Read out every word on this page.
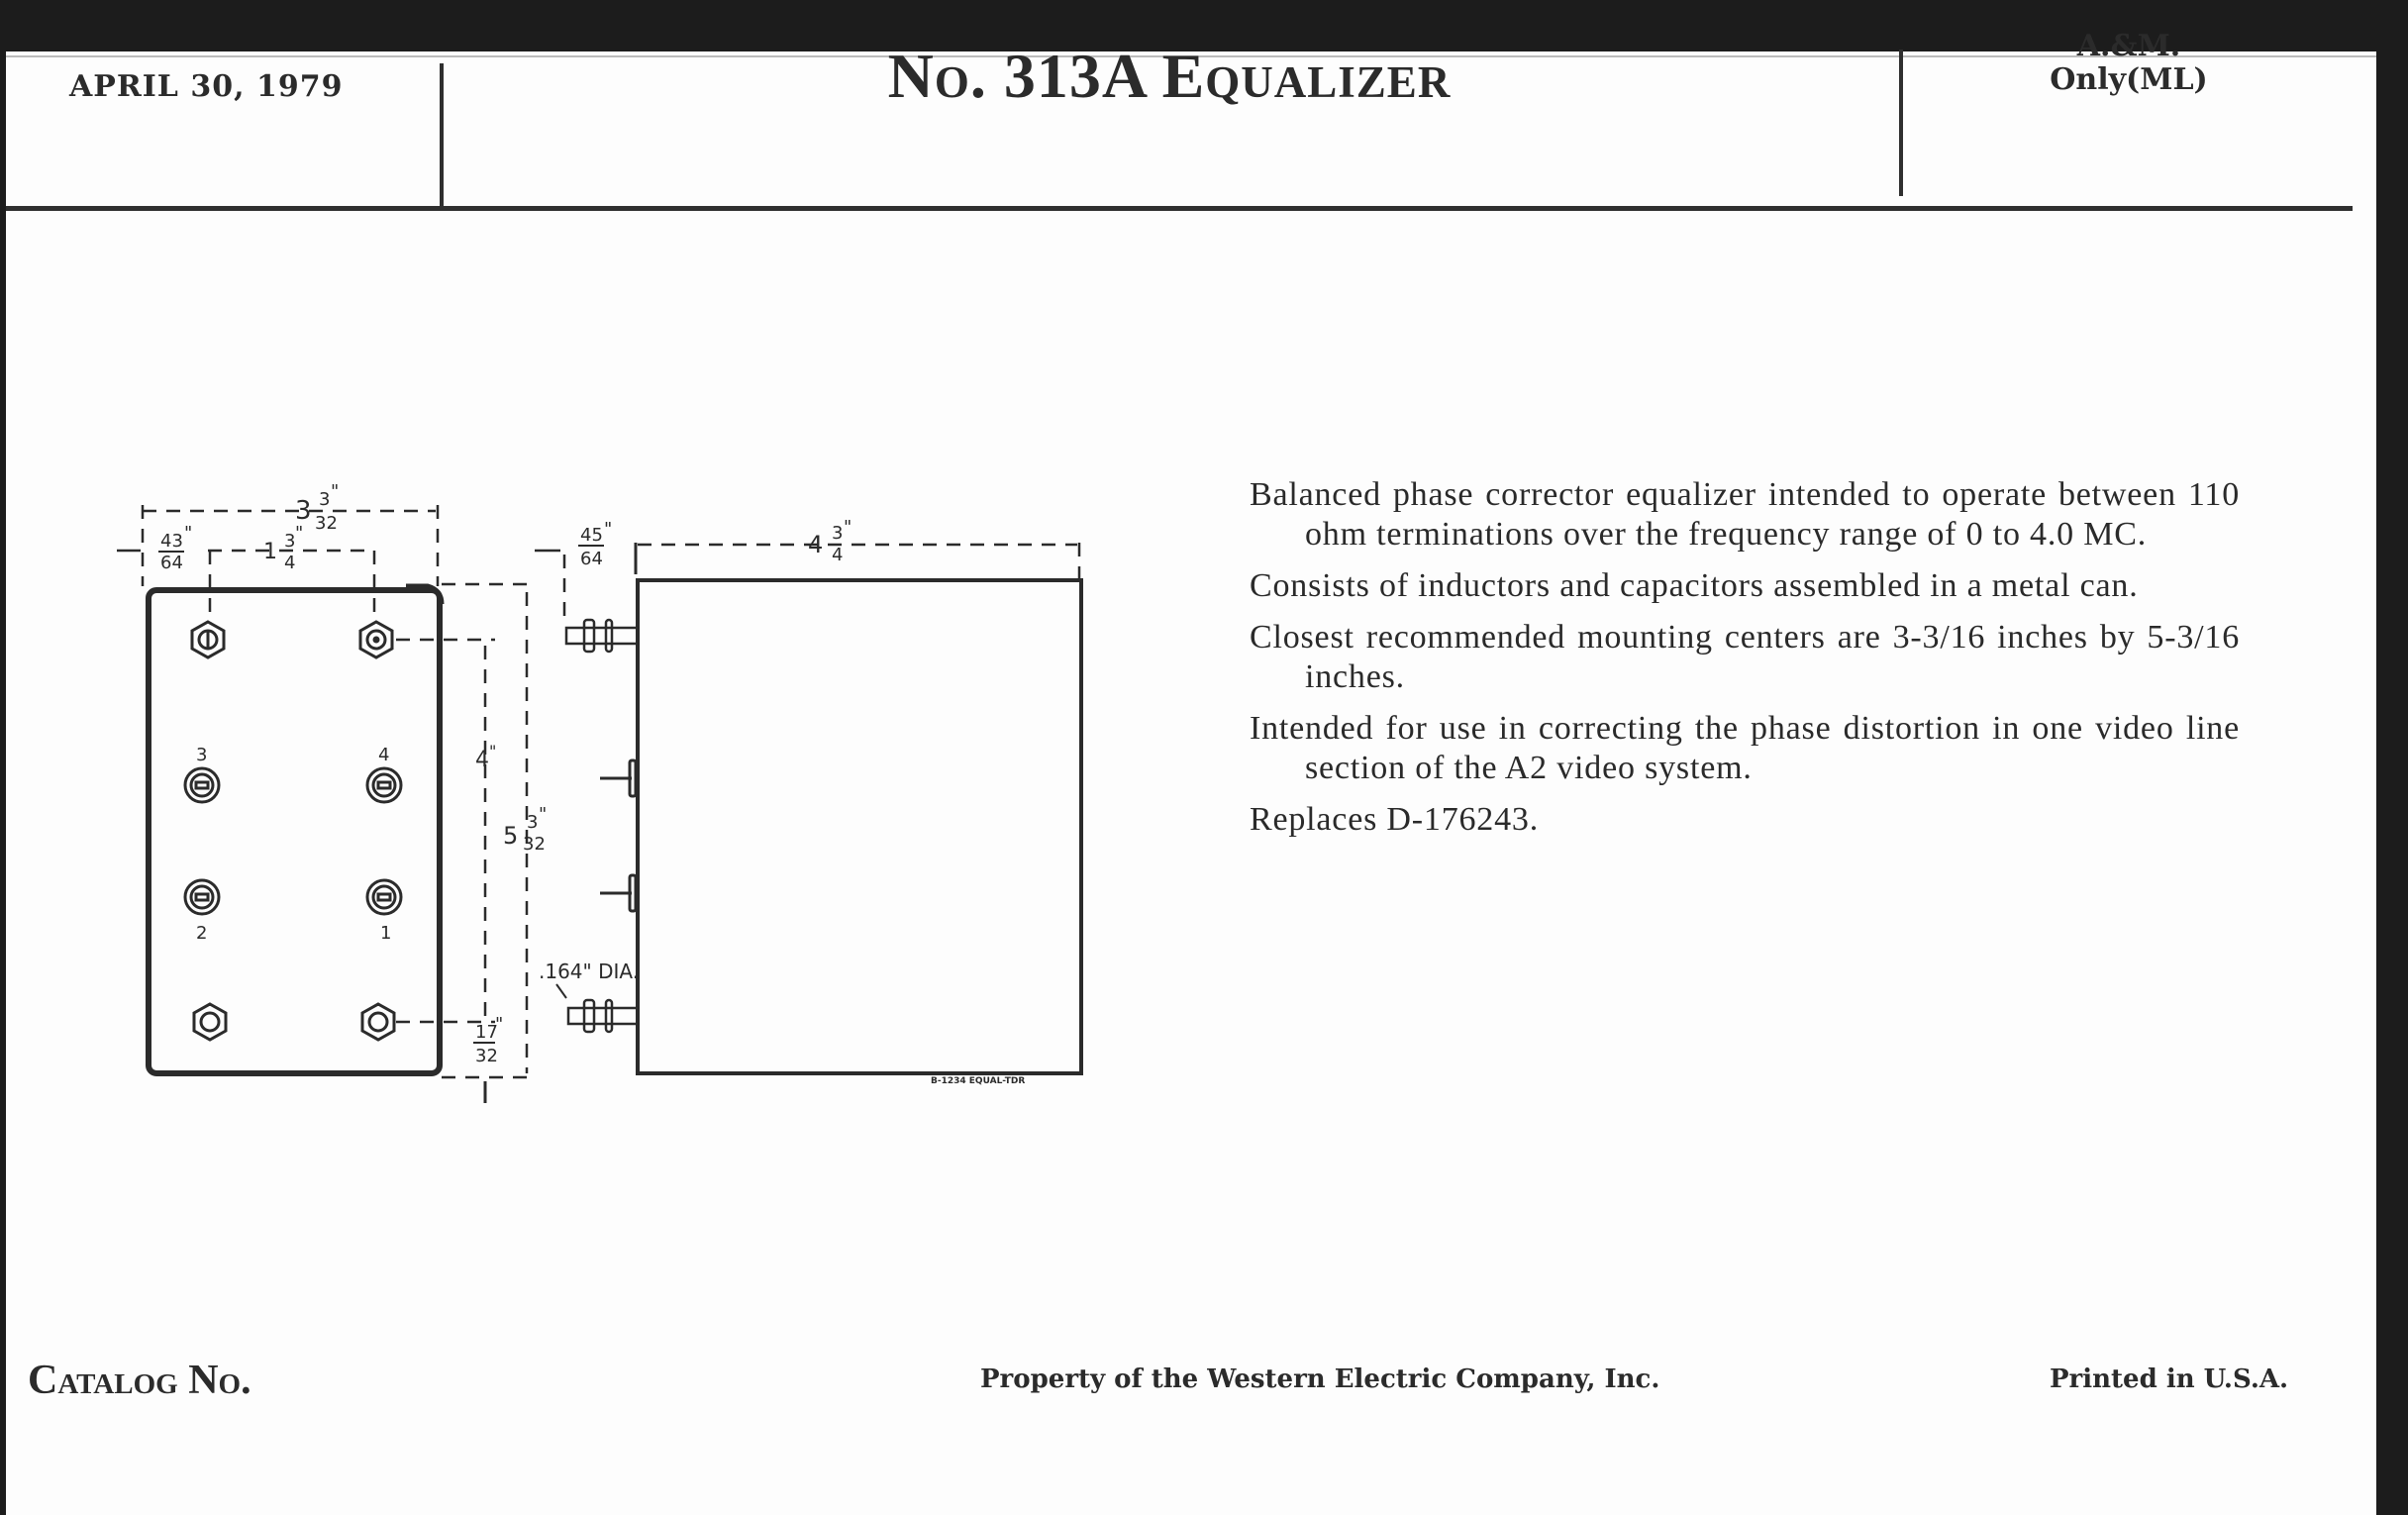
APRIL 30, 1979	No. 313A Equalizer	A.&M.
Only(ML)
3 3
32
"
43
64
"
1 3
4
"
4 "
5 3
32
"
17
32
"
45
64
"
4 3
4
"
.164" DIA.
3	4
2	1
B-1234 EQUAL-TDR

Balanced phase corrector equalizer intended to operate between 110 ohm terminations over the frequency range of 0 to 4.0 MC.

Consists of inductors and capacitors assembled in a metal can.

Closest recommended mounting centers are 3-3/16 inches by 5-3/16 inches.

Intended for use in correcting the phase distortion in one video line section of the A2 video system.

Replaces D-176243.

Catalog No.	Property of the Western Electric Company, Inc.	Printed in U.S.A.
